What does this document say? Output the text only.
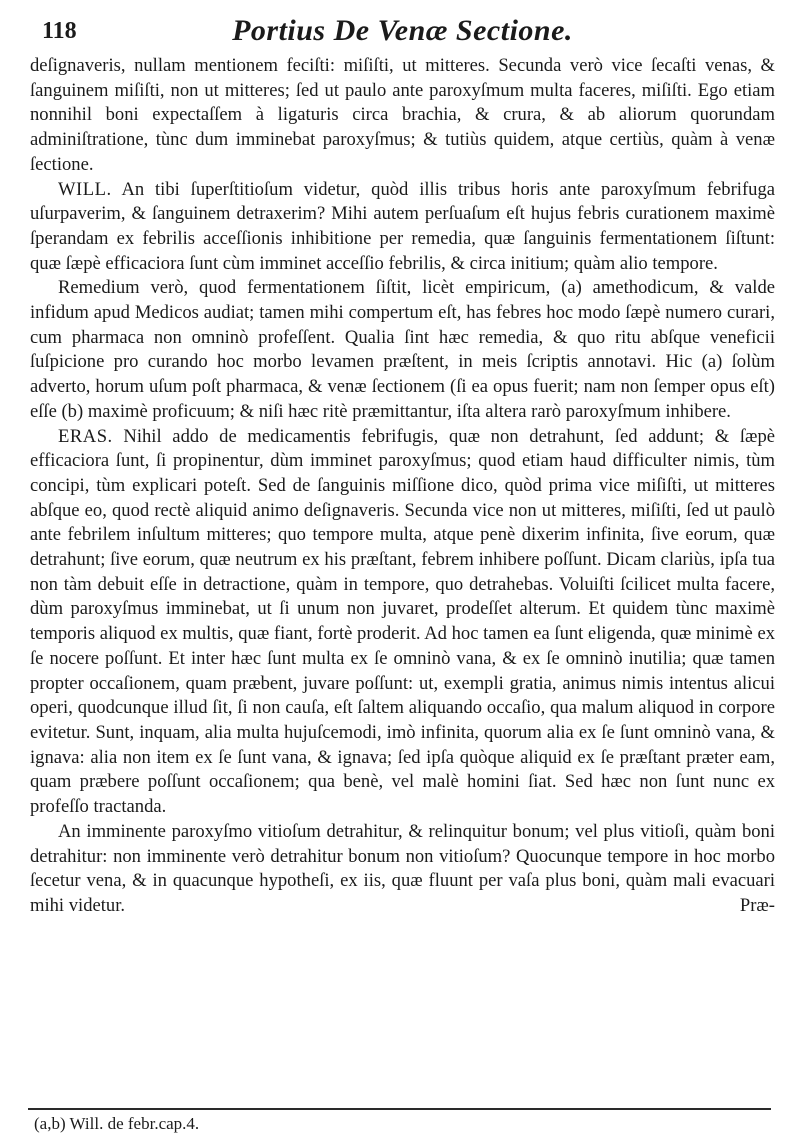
118	Portius De Venæ Sectione.

deſignaveris, nullam mentionem feciſti: miſiſti, ut mitteres. Secunda verò vice ſecaſti venas, & ſanguinem miſiſti, non ut mitteres; ſed ut paulo ante paroxyſmum multa faceres, miſiſti. Ego etiam nonnihil boni expectaſſem à ligaturis circa brachia, & crura, & ab aliorum quorundam adminiſtratione, tùnc dum imminebat paroxyſmus; & tutiùs quidem, atque certiùs, quàm à venæ ſectione.

WILL. An tibi ſuperſtitioſum videtur, quòd illis tribus horis ante paroxyſmum febrifuga uſurpaverim, & ſanguinem detraxerim? Mihi autem perſuaſum eſt hujus febris curationem maximè ſperandam ex febrilis acceſſionis inhibitione per remedia, quæ ſanguinis fermentationem ſiſtunt: quæ ſæpè efficaciora ſunt cùm imminet acceſſio febrilis, & circa initium; quàm alio tempore.

Remedium verò, quod fermentationem ſiſtit, licèt empiricum, (a) amethodicum, & valde infidum apud Medicos audiat; tamen mihi compertum eſt, has febres hoc modo ſæpè numero curari, cum pharmaca non omninò profeſſent. Qualia ſint hæc remedia, & quo ritu abſque veneficii ſuſpicione pro curando hoc morbo levamen præſtent, in meis ſcriptis annotavi. Hic (a) ſolùm adverto, horum uſum poſt pharmaca, & venæ ſectionem (ſi ea opus fuerit; nam non ſemper opus eſt) eſſe (b) maximè proficuum; & niſi hæc ritè præmittantur, iſta altera rarò paroxyſmum inhibere.

ERAS. Nihil addo de medicamentis febrifugis, quæ non detrahunt, ſed addunt; & ſæpè efficaciora ſunt, ſi propinentur, dùm imminet paroxyſmus; quod etiam haud difficulter nimis, tùm concipi, tùm explicari poteſt. Sed de ſanguinis miſſione dico, quòd prima vice miſiſti, ut mitteres abſque eo, quod rectè aliquid animo deſignaveris. Secunda vice non ut mitteres, miſiſti, ſed ut paulò ante febrilem inſultum mitteres; quo tempore multa, atque penè dixerim infinita, ſive eorum, quæ detrahunt; ſive eorum, quæ neutrum ex his præſtant, febrem inhibere poſſunt. Dicam clariùs, ipſa tua non tàm debuit eſſe in detractione, quàm in tempore, quo detrahebas. Voluiſti ſcilicet multa facere, dùm paroxyſmus imminebat, ut ſi unum non juvaret, prodeſſet alterum. Et quidem tùnc maximè temporis aliquod ex multis, quæ fiant, fortè proderit. Ad hoc tamen ea ſunt eligenda, quæ minimè ex ſe nocere poſſunt. Et inter hæc ſunt multa ex ſe omninò vana, & ex ſe omninò inutilia; quæ tamen propter occaſionem, quam præbent, juvare poſſunt: ut, exempli gratia, animus nimis intentus alicui operi, quodcunque illud ſit, ſi non cauſa, eſt ſaltem aliquando occaſio, qua malum aliquod in corpore evitetur. Sunt, inquam, alia multa hujuſcemodi, imò infinita, quorum alia ex ſe ſunt omninò vana, & ignava: alia non item ex ſe ſunt vana, & ignava; ſed ipſa quòque aliquid ex ſe præſtant præter eam, quam præbere poſſunt occaſionem; qua benè, vel malè homini ſiat. Sed hæc non ſunt nunc ex profeſſo tractanda.

An imminente paroxyſmo vitioſum detrahitur, & relinquitur bonum; vel plus vitioſi, quàm boni detrahitur: non imminente verò detrahitur bonum non vitioſum? Quocunque tempore in hoc morbo ſecetur vena, & in quacunque hypotheſi, ex iis, quæ fluunt per vaſa plus boni, quàm mali evacuari mihi videtur.	Præ-

(a,b) Will. de febr.cap.4.
